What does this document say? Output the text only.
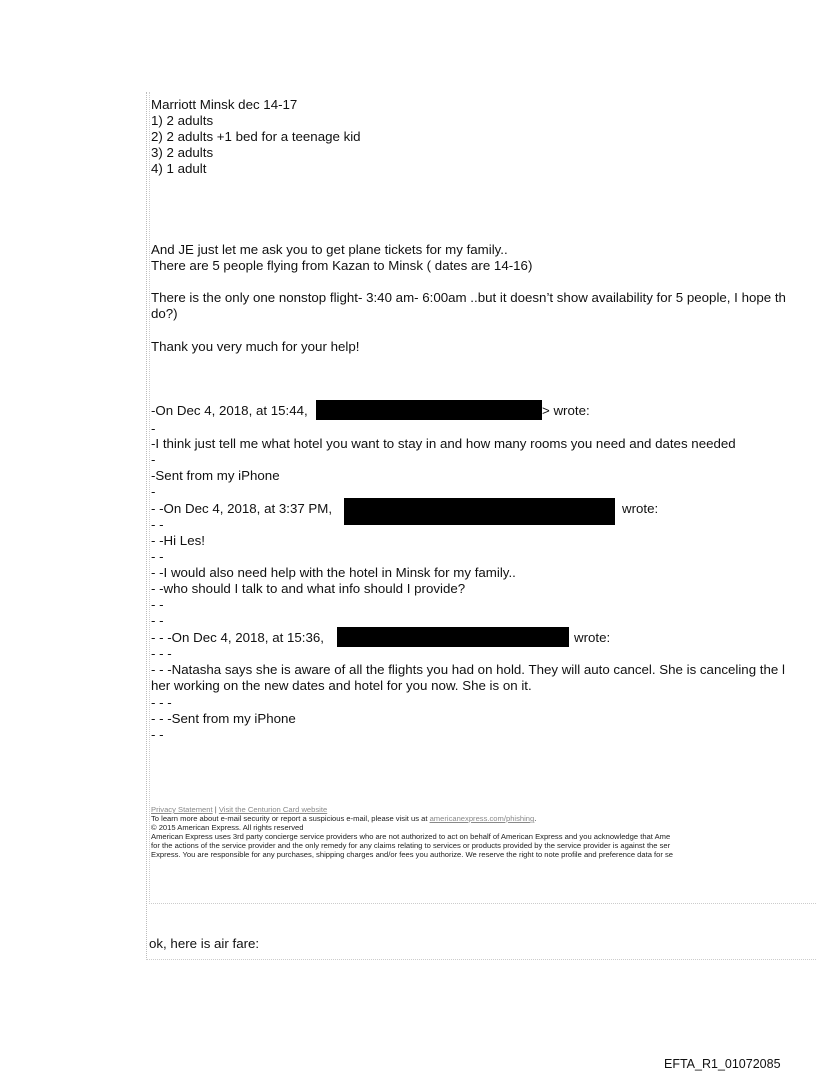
Marriott Minsk dec 14-17
1) 2 adults
2) 2 adults +1 bed for a teenage kid
3) 2 adults
4) 1 adult
And JE just let me ask you to get plane tickets for my family..
There are 5 people flying from Kazan to Minsk ( dates are 14-16)
There is the only one nonstop flight- 3:40 am- 6:00am ..but it doesn’t show availability for 5 people, I hope th
do?)
Thank you very much for your help!
-On Dec 4, 2018, at 15:44,	> wrote:
-
-I think just tell me what hotel you want to stay in and how many rooms you need and dates needed
-
-Sent from my iPhone
-
- -On Dec 4, 2018, at 3:37 PM,	wrote:
- -
- -Hi Les!
- -
- -I would also need help with the hotel in Minsk for my family..
- -who should I talk to and what info should I provide?
- -
- -
- - -On Dec 4, 2018, at 15:36,	wrote:
- - -
- - -Natasha says she is aware of all the flights you had on hold. They will auto cancel. She is canceling the l
her working on the new dates and hotel for you now. She is on it.
- - -
- - -Sent from my iPhone
- -
Privacy Statement | Visit the Centurion Card website
To learn more about e-mail security or report a suspicious e-mail, please visit us at americanexpress.com/phishing.
© 2015 American Express. All rights reserved
American Express uses 3rd party concierge service providers who are not authorized to act on behalf of American Express and you acknowledge that Ame
for the actions of the service provider and the only remedy for any claims relating to services or products provided by the service provider is against the ser
Express. You are responsible for any purchases, shipping charges and/or fees you authorize. We reserve the right to note profile and preference data for se
ok, here is air fare:
EFTA_R1_01072085
